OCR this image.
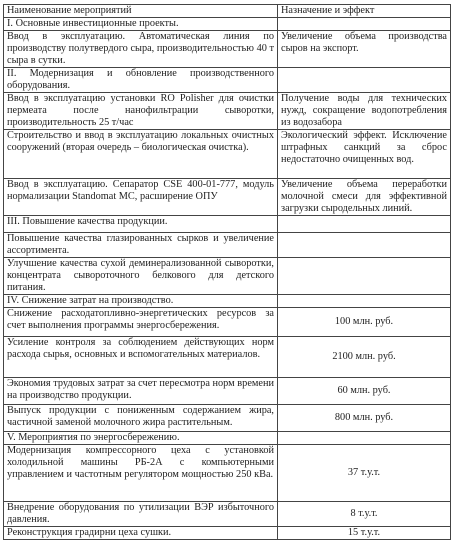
Наименование мероприятий	Назначение и эффект
I. Основные инвестиционные проекты.	
Ввод в эксплуатацию. Автоматическая линия по производству полутвердого сыра, производительностью 40 т сыра в сутки.	Увеличение объема производства сыров на экспорт.
II. Модернизация и обновление производственного оборудования.	
Ввод в эксплуатацию установки RO Polisher для очистки пермеата после нанофильтрации сыворотки, производительность 25 т/час	Получение воды для технических нужд, сокращение водопотребления из водозабора
Строительство и ввод в эксплуатацию локальных очистных сооружений (вторая очередь – биологическая очистка).	Экологический эффект. Исключение штрафных санкций за сброс недостаточно очищенных вод.
Ввод в эксплуатацию. Сепаратор CSE 400-01-777, модуль нормализации Standomat MC, расширение ОПУ	Увеличение объема переработки молочной смеси для эффективной загрузки сыродельных линий.
III. Повышение качества продукции.	
Повышение качества глазированных сырков и увеличение ассортимента.	
Улучшение качества сухой деминерализованной сыворотки, концентрата сывороточного белкового для детского питания.	
IV. Снижение затрат на производство.	
Снижение расходатопливно-энергетических ресурсов за счет выполнения программы энергосбережения.	100 млн. руб.
Усиление контроля за соблюдением действующих норм расхода сырья, основных и вспомогательных материалов.	2100 млн. руб.
Экономия трудовых затрат за счет пересмотра норм времени на производство продукции.	60 млн. руб.
Выпуск продукции с пониженным содержанием жира, частичной заменой молочного жира растительным.	800 млн. руб.
V. Мероприятия по энергосбережению.	
Модернизация компрессорного цеха с установкой холодильной машины РБ-2А с компьютерными управлением и частотным регулятором мощностью 250 кВа.	37 т.у.т.
Внедрение оборудования по утилизации ВЭР избыточного давления.	8 т.у.т.
Реконструкция градирни цеха сушки.	15 т.у.т.
